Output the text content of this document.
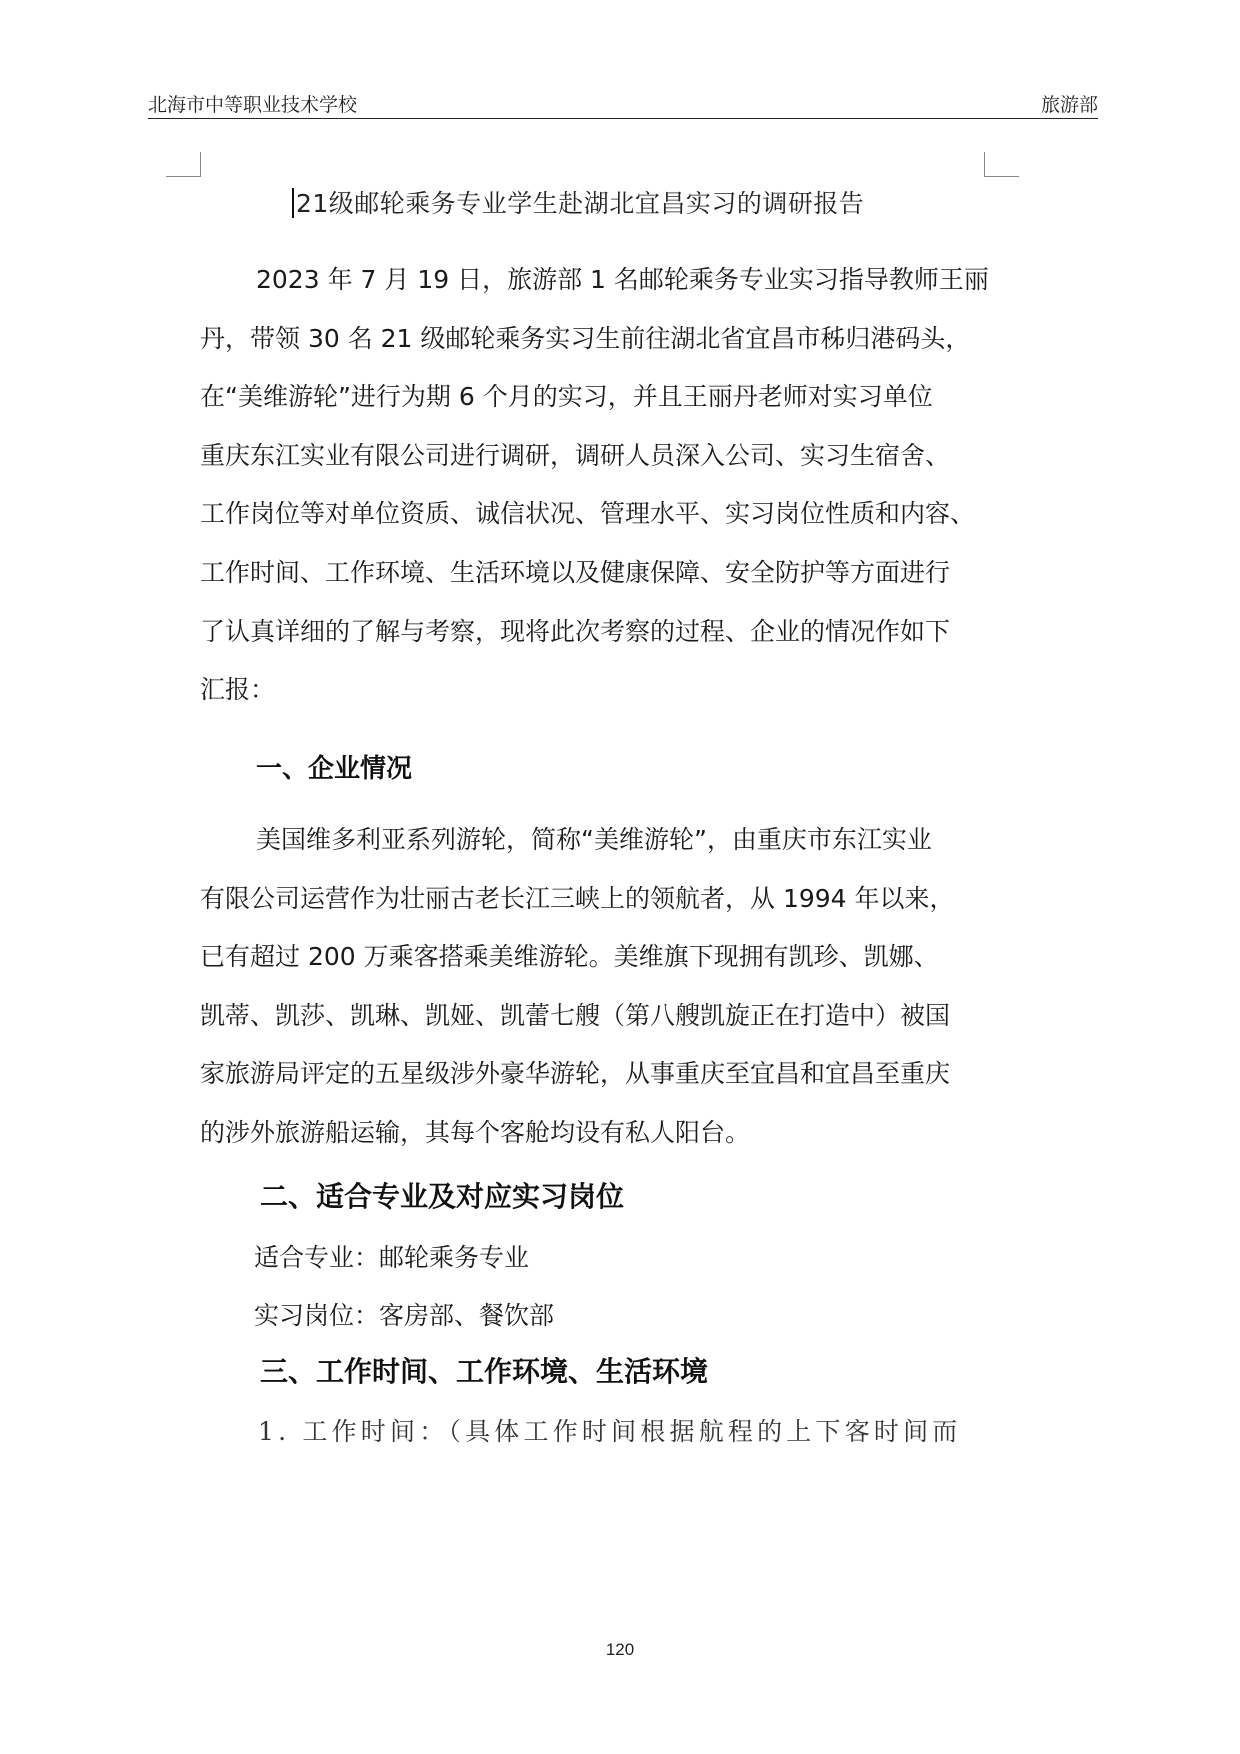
北海市中等职业技术学校	旅游部
21级邮轮乘务专业学生赴湖北宜昌实习的调研报告
2023 年 7 月 19 日，旅游部 1 名邮轮乘务专业实习指导教师王丽
丹，带领 30 名 21 级邮轮乘务实习生前往湖北省宜昌市秭归港码头，
在“美维游轮”进行为期 6 个月的实习，并且王丽丹老师对实习单位
重庆东江实业有限公司进行调研，调研人员深入公司、实习生宿舍、
工作岗位等对单位资质、诚信状况、管理水平、实习岗位性质和内容、
工作时间、工作环境、生活环境以及健康保障、安全防护等方面进行
了认真详细的了解与考察，现将此次考察的过程、企业的情况作如下
汇报：
一、企业情况
美国维多利亚系列游轮，简称“美维游轮”，由重庆市东江实业
有限公司运营作为壮丽古老长江三峡上的领航者，从 1994 年以来，
已有超过 200 万乘客搭乘美维游轮。美维旗下现拥有凯珍、凯娜、
凯蒂、凯莎、凯琳、凯娅、凯蕾七艘（第八艘凯旋正在打造中）被国
家旅游局评定的五星级涉外豪华游轮，从事重庆至宜昌和宜昌至重庆
的涉外旅游船运输，其每个客舱均设有私人阳台。
二、适合专业及对应实习岗位
适合专业：邮轮乘务专业
实习岗位：客房部、餐饮部
三、工作时间、工作环境、生活环境
1. 工作时间：（具体工作时间根据航程的上下客时间而
120
